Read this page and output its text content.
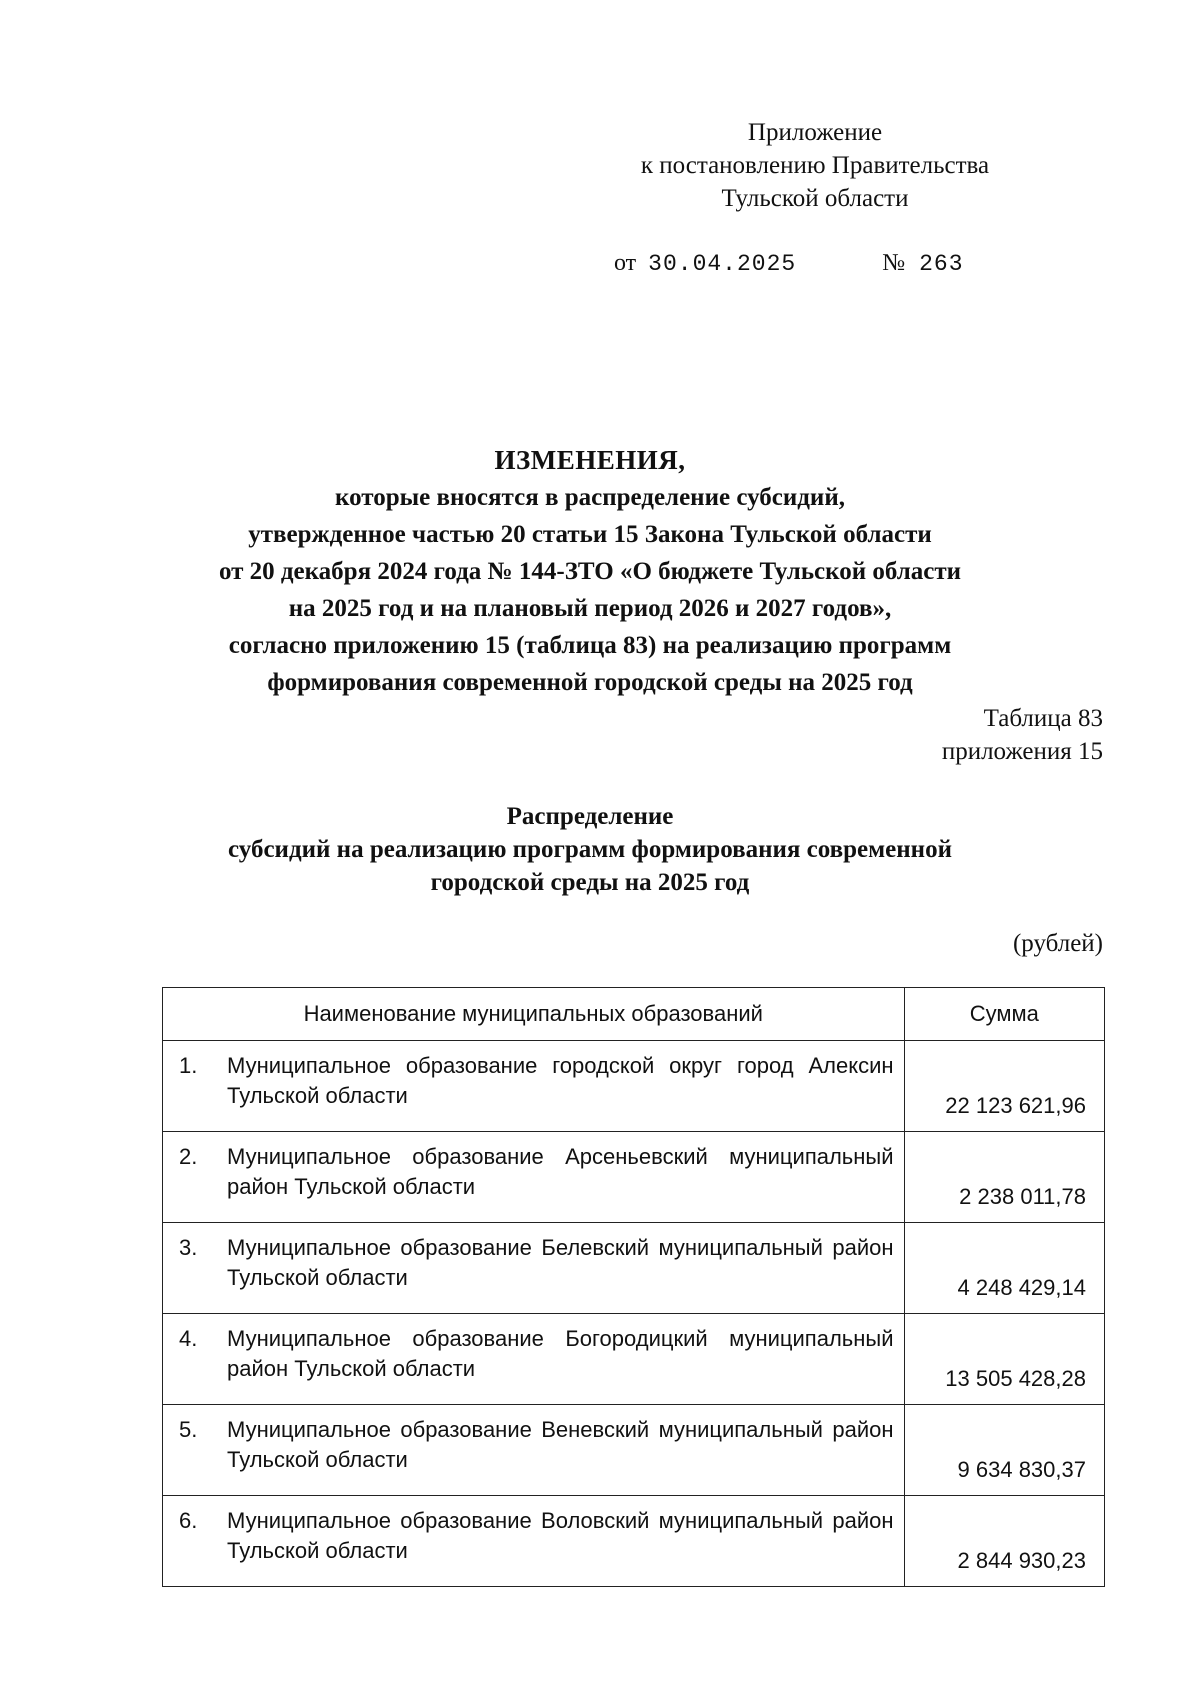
Приложение
к постановлению Правительства
Тульской области
от 30.04.2025	№ 263
ИЗМЕНЕНИЯ,
которые вносятся в распределение субсидий,
утвержденное частью 20 статьи 15 Закона Тульской области
от 20 декабря 2024 года № 144-ЗТО «О бюджете Тульской области
на 2025 год и на плановый период 2026 и 2027 годов»,
согласно приложению 15 (таблица 83) на реализацию программ
формирования современной городской среды на 2025 год
Таблица 83
приложения 15
Распределение
субсидий на реализацию программ формирования современной
городской среды на 2025 год
(рублей)
Наименование муниципальных образований	Сумма

1. Муниципальное образование городской округ город Алексин Тульской области	22 123 621,96

2. Муниципальное образование Арсеньевский муниципальный район Тульской области	2 238 011,78

3. Муниципальное образование Белевский муниципальный район Тульской области	4 248 429,14

4. Муниципальное образование Богородицкий муниципальный район Тульской области	13 505 428,28

5. Муниципальное образование Веневский муниципальный район Тульской области	9 634 830,37

6. Муниципальное образование Воловский муниципальный район Тульской области	2 844 930,23
